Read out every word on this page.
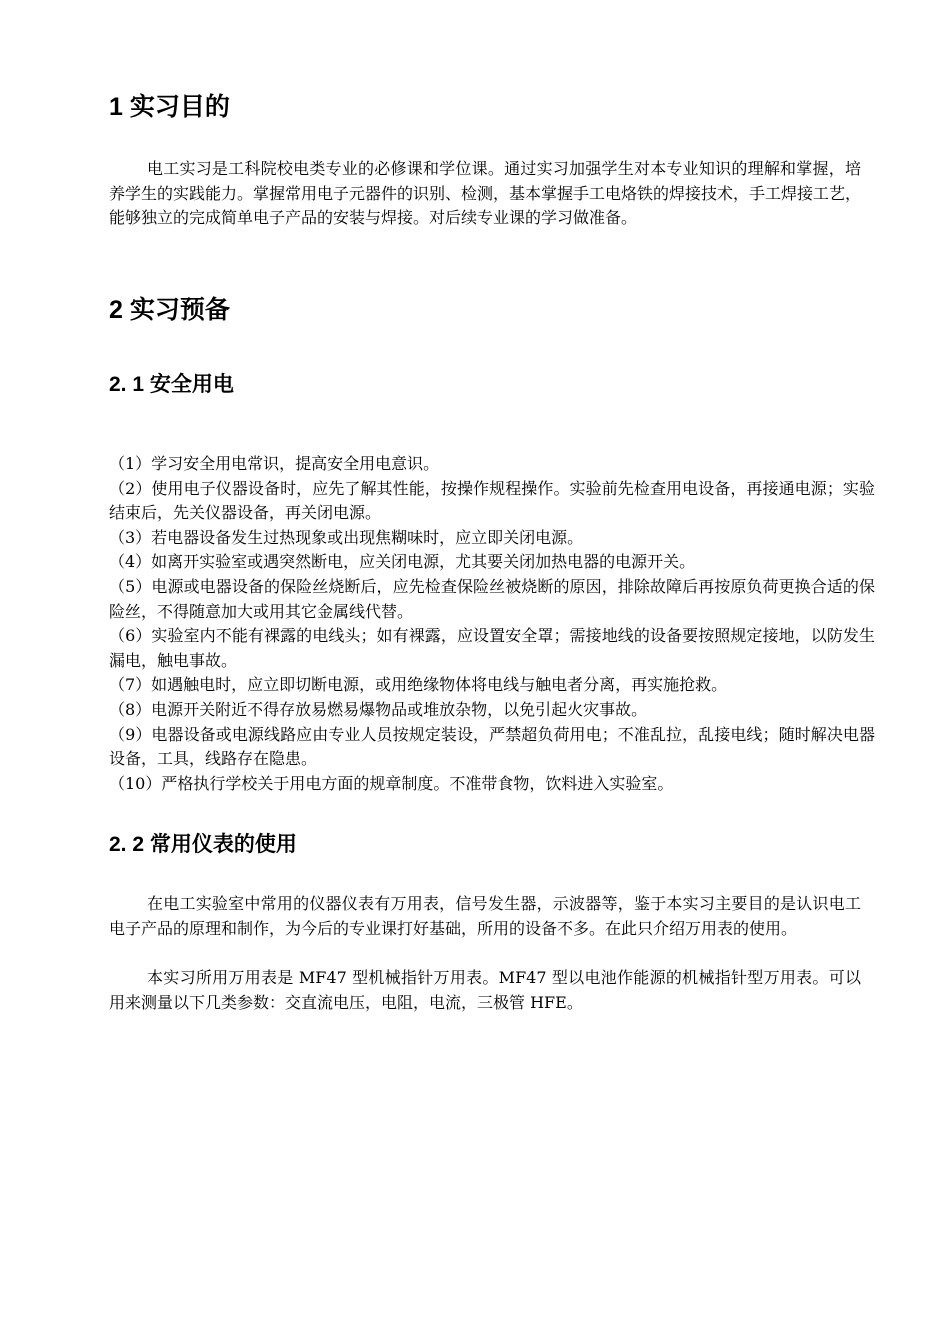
1 实习目的

电工实习是工科院校电类专业的必修课和学位课。通过实习加强学生对本专业知识的理解和掌握，培养学生的实践能力。掌握常用电子元器件的识别、检测，基本掌握手工电烙铁的焊接技术，手工焊接工艺，能够独立的完成简单电子产品的安装与焊接。对后续专业课的学习做准备。

2 实习预备
2. 1 安全用电
（1）学习安全用电常识，提高安全用电意识。
（2）使用电子仪器设备时，应先了解其性能，按操作规程操作。实验前先检查用电设备，再接通电源；实验结束后，先关仪器设备，再关闭电源。
（3）若电器设备发生过热现象或出现焦糊味时，应立即关闭电源。
（4）如离开实验室或遇突然断电，应关闭电源，尤其要关闭加热电器的电源开关。
（5）电源或电器设备的保险丝烧断后，应先检查保险丝被烧断的原因，排除故障后再按原负荷更换合适的保险丝，不得随意加大或用其它金属线代替。
（6）实验室内不能有裸露的电线头；如有裸露，应设置安全罩；需接地线的设备要按照规定接地，以防发生漏电，触电事故。
（7）如遇触电时，应立即切断电源，或用绝缘物体将电线与触电者分离，再实施抢救。
（8）电源开关附近不得存放易燃易爆物品或堆放杂物，以免引起火灾事故。
（9）电器设备或电源线路应由专业人员按规定装设，严禁超负荷用电；不准乱拉，乱接电线；随时解决电器设备，工具，线路存在隐患。
（10）严格执行学校关于用电方面的规章制度。不准带食物，饮料进入实验室。
2. 2 常用仪表的使用

在电工实验室中常用的仪器仪表有万用表，信号发生器，示波器等，鉴于本实习主要目的是认识电工电子产品的原理和制作，为今后的专业课打好基础，所用的设备不多。在此只介绍万用表的使用。

本实习所用万用表是 MF47 型机械指针万用表。MF47 型以电池作能源的机械指针型万用表。可以用来测量以下几类参数：交直流电压，电阻，电流，三极管 HFE。
